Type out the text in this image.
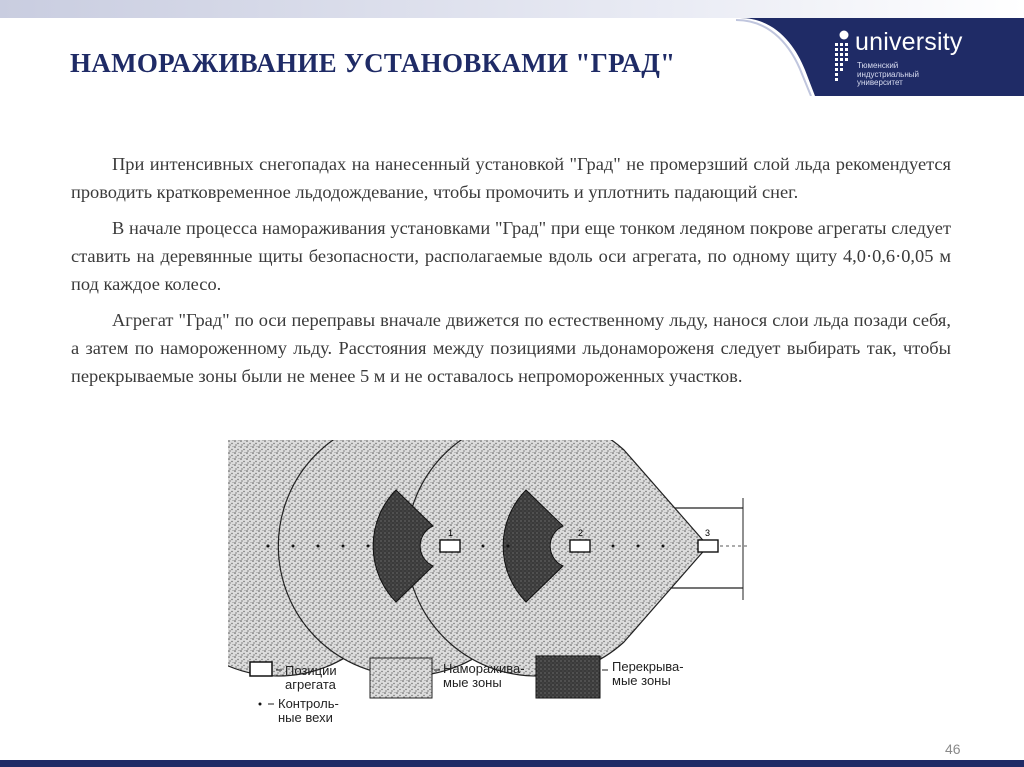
НАМОРАЖИВАНИЕ УСТАНОВКАМИ "ГРАД"
university
Тюменский
индустриальный
университет

При интенсивных снегопадах на нанесенный установкой "Град" не промерзший слой льда рекомендуется проводить кратковременное льдодождевание, чтобы промочить и уплотнить падающий снег.

В начале процесса намораживания установками "Град" при еще тонком ледяном покрове агрегаты следует ставить на деревянные щиты безопасности, располагаемые вдоль оси агрегата, по одному щиту 4,0·0,6·0,05 м под каждое колесо.

Агрегат "Град" по оси переправы вначале движется по естественному льду, нанося слои льда позади себя, а затем по намороженному льду. Расстояния между позициями льдонамороженя следует выбирать так, чтобы перекрываемые зоны были не менее 5 м и не оставалось непромороженных участков.

1	2	3
Позиции
агрегата
Наморажива-
мые зоны
Перекрыва-
мые зоны
Контроль-
ные вехи
46
